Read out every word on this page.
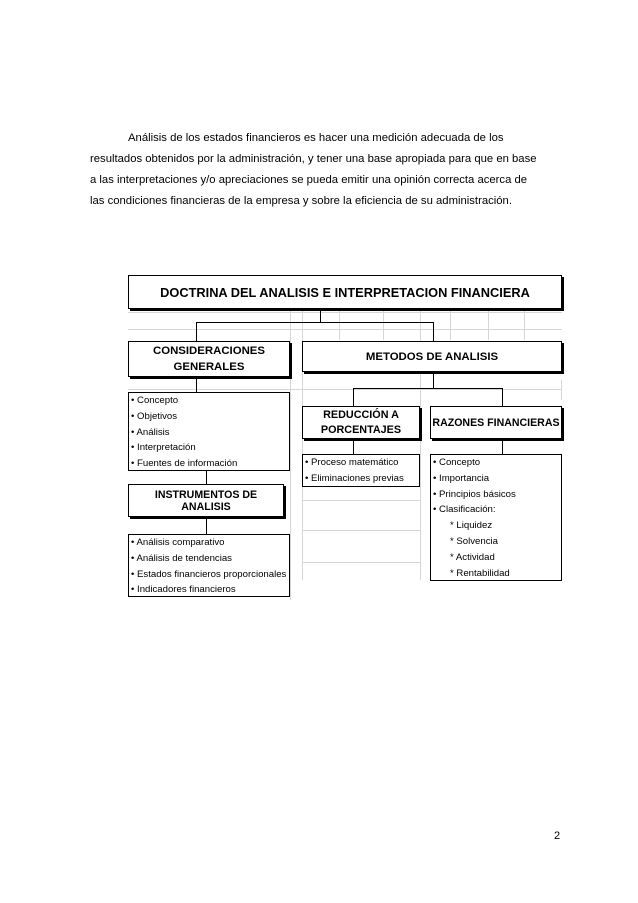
Análisis de los estados financieros es hacer una medición adecuada de los
resultados obtenidos por la administración, y tener una base apropiada para que en base
a las interpretaciones y/o apreciaciones se pueda emitir una opinión correcta acerca de
las condiciones financieras de la empresa y sobre la eficiencia de su administración.
DOCTRINA DEL ANALISIS E INTERPRETACION FINANCIERA
CONSIDERACIONES
GENERALES
• Concepto
• Objetivos
• Análisis
• Interpretación
• Fuentes de información
INSTRUMENTOS DE ANALISIS
• Análisis comparativo
• Análisis de tendencias
• Estados financieros proporcionales
• Indicadores financieros
METODOS DE ANALISIS
REDUCCIÓN A
PORCENTAJES
• Proceso matemático
• Eliminaciones previas
RAZONES FINANCIERAS
• Concepto
• Importancia
• Principios básicos
• Clasificación:
* Liquidez
* Solvencia
* Actividad
* Rentabilidad
2
